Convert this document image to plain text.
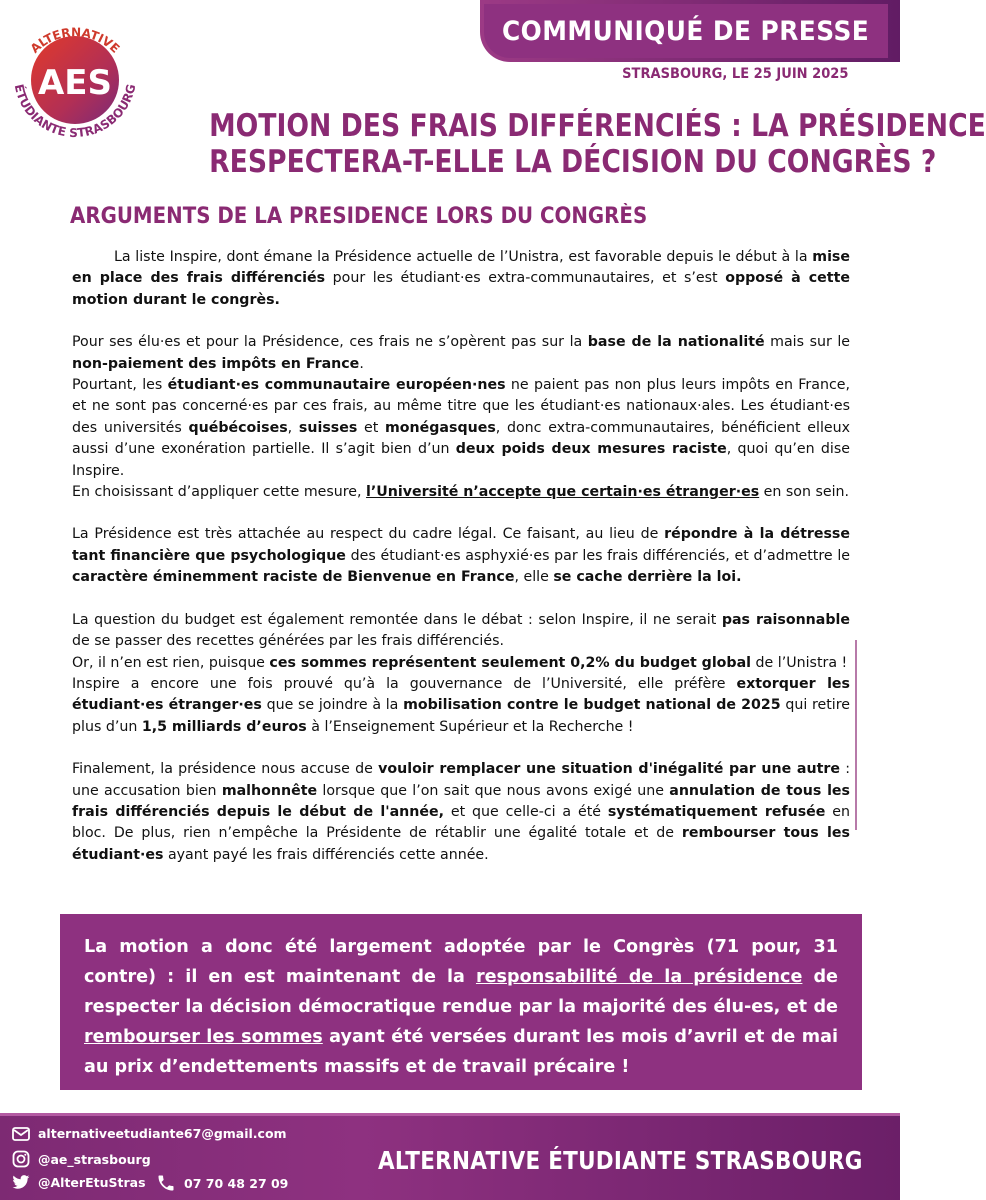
AES
ALTERNATIVE
ÉTUDIANTE STRASBOURG
COMMUNIQUÉ DE PRESSE
STRASBOURG, LE 25 JUIN 2025
MOTION DES FRAIS DIFFÉRENCIÉS : LA PRÉSIDENCE
RESPECTERA-T-ELLE LA DÉCISION DU CONGRÈS ?
ARGUMENTS DE LA PRESIDENCE LORS DU CONGRÈS

La liste Inspire, dont émane la Présidence actuelle de l’Unistra, est favorable depuis le début à la mise en place des frais différenciés pour les étudiant·es extra-communautaires, et s’est opposé à cette motion durant le congrès.

Pour ses élu·es et pour la Présidence, ces frais ne s’opèrent pas sur la base de la nationalité mais sur le non-paiement des impôts en France.

Pourtant, les étudiant·es communautaire européen·nes ne paient pas non plus leurs impôts en France, et ne sont pas concerné·es par ces frais, au même titre que les étudiant·es nationaux·ales. Les étudiant·es des universités québécoises, suisses et monégasques, donc extra-communautaires, bénéficient elleux aussi d’une exonération partielle. Il s’agit bien d’un deux poids deux mesures raciste, quoi qu’en dise Inspire.

En choisissant d’appliquer cette mesure, l’Université n’accepte que certain·es étranger·es en son sein.

La Présidence est très attachée au respect du cadre légal. Ce faisant, au lieu de répondre à la détresse tant financière que psychologique des étudiant·es asphyxié·es par les frais différenciés, et d’admettre le caractère éminemment raciste de Bienvenue en France, elle se cache derrière la loi.

La question du budget est également remontée dans le débat : selon Inspire, il ne serait pas raisonnable de se passer des recettes générées par les frais différenciés.

Or, il n’en est rien, puisque ces sommes représentent seulement 0,2% du budget global de l’Unistra !

Inspire a encore une fois prouvé qu’à la gouvernance de l’Université, elle préfère extorquer les étudiant·es étranger·es que se joindre à la mobilisation contre le budget national de 2025 qui retire plus d’un 1,5 milliards d’euros à l’Enseignement Supérieur et la Recherche !

Finalement, la présidence nous accuse de vouloir remplacer une situation d'inégalité par une autre : une accusation bien malhonnête lorsque que l’on sait que nous avons exigé une annulation de tous les frais différenciés depuis le début de l'année, et que celle-ci a été systématiquement refusée en bloc. De plus, rien n’empêche la Présidente de rétablir une égalité totale et de rembourser tous les étudiant·es ayant payé les frais différenciés cette année.

La motion a donc été largement adoptée par le Congrès (71 pour, 31 contre) : il en est maintenant de la responsabilité de la présidence de respecter la décision démocratique rendue par la majorité des élu-es, et de rembourser les sommes ayant été versées durant les mois d’avril et de mai au prix d’endettements massifs et de travail précaire !
alternativeetudiante67@gmail.com
@ae_strasbourg
@AlterEtuStras	07 70 48 27 09
ALTERNATIVE ÉTUDIANTE STRASBOURG
